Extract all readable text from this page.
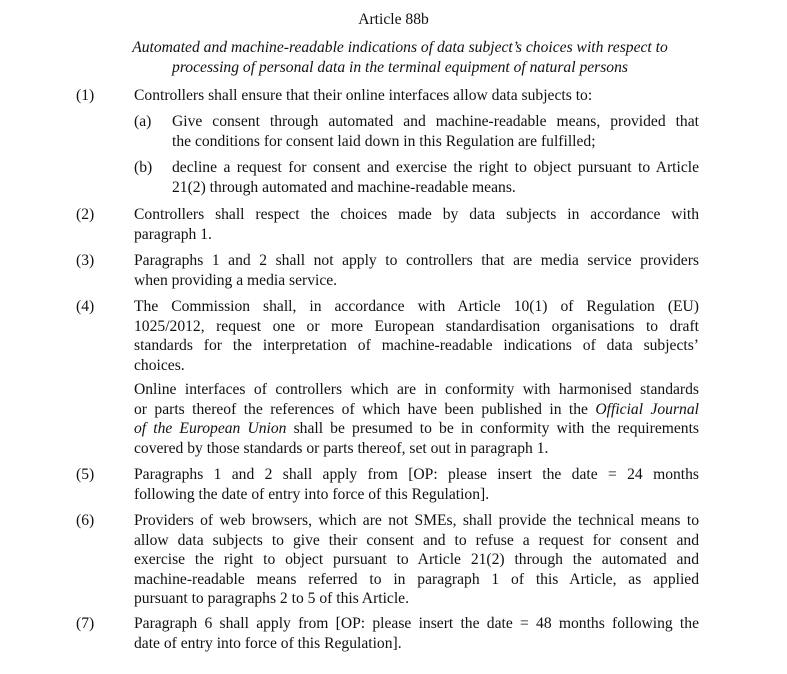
Article 88b
Automated and machine-readable indications of data subject’s choices with respect to
processing of personal data in the terminal equipment of natural persons
(1)	Controllers shall ensure that their online interfaces allow data subjects to:
(a) Give consent through automated and machine-readable means, provided that
the conditions for consent laid down in this Regulation are fulfilled;
(b) decline a request for consent and exercise the right to object pursuant to Article
21(2) through automated and machine-readable means.
(2)	Controllers shall respect the choices made by data subjects in accordance with
paragraph 1.
(3)	Paragraphs 1 and 2 shall not apply to controllers that are media service providers
when providing a media service.
(4)	The Commission shall, in accordance with Article 10(1) of Regulation (EU)
1025/2012, request one or more European standardisation organisations to draft
standards for the interpretation of machine-readable indications of data subjects’
choices.
Online interfaces of controllers which are in conformity with harmonised standards
or parts thereof the references of which have been published in the Official Journal
of the European Union shall be presumed to be in conformity with the requirements
covered by those standards or parts thereof, set out in paragraph 1.
(5)	Paragraphs 1 and 2 shall apply from [OP: please insert the date = 24 months
following the date of entry into force of this Regulation].
(6)	Providers of web browsers, which are not SMEs, shall provide the technical means to
allow data subjects to give their consent and to refuse a request for consent and
exercise the right to object pursuant to Article 21(2) through the automated and
machine-readable means referred to in paragraph 1 of this Article, as applied
pursuant to paragraphs 2 to 5 of this Article.
(7)	Paragraph 6 shall apply from [OP: please insert the date = 48 months following the
date of entry into force of this Regulation].
